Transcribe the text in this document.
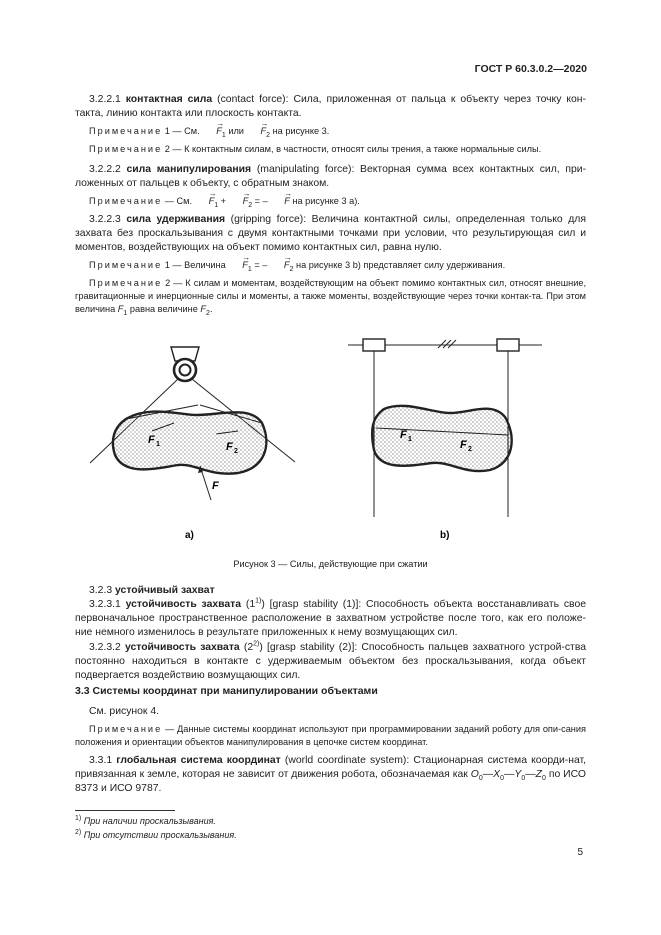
ГОСТ Р 60.3.0.2—2020
3.2.2.1 контактная сила (contact force): Сила, приложенная от пальца к объекту через точку кон-такта, линию контакта или плоскость контакта.
Примечание 1 — См. → $F_1$ или → $F_2$ на рисунке 3.
Примечание 2 — К контактным силам, в частности, относят силы трения, а также нормальные силы.
3.2.2.2 сила манипулирования (manipulating force): Векторная сумма всех контактных сил, при-ложенных от пальцев к объекту, с обратным знаком.
Примечание — См. → $F_1$ + → $F_2$ = – → F на рисунке 3 а).
3.2.2.3 сила удерживания (gripping force): Величина контактной силы, определенная только для захвата без проскальзывания с двумя контактными точками при условии, что результирующая сил и моментов, воздействующих на объект помимо контактных сил, равна нулю.
Примечание 1 — Величина → $F_1$ = – → $F_2$ на рисунке 3 b) представляет силу удерживания.
Примечание 2 — К силам и моментам, воздействующим на объект помимо контактных сил, относят внешние, гравитационные и инерционные силы и моменты, а также моменты, воздействующие через точки контак-та. При этом величина $F_1$ равна величине $F_2$.
F 1	F 2
F
а)
F 1	F 2
b)
Рисунок 3 — Силы, действующие при сжатии
3.2.3 устойчивый захват
3.2.3.1 устойчивость захвата (1$^{1)}$) [grasp stability (1)]: Способность объекта восстанавливать свое первоначальное пространственное расположение в захватном устройстве после того, как его положе-ние немного изменилось в результате приложенных к нему возмущающих сил.
3.2.3.2 устойчивость захвата (2$^{2)}$) [grasp stability (2)]: Способность пальцев захватного устрой-ства постоянно находиться в контакте с удерживаемым объектом без проскальзывания, когда объект подвергается воздействию возмущающих сил.
3.3 Системы координат при манипулировании объектами
См. рисунок 4.
Примечание — Данные системы координат используют при программировании заданий роботу для опи-сания положения и ориентации объектов манипулирования в цепочке систем координат.
3.3.1 глобальная система координат (world coordinate system): Стационарная система коорди-нат, привязанная к земле, которая не зависит от движения робота, обозначаемая как $O_0—X_0—Y_0—Z_0$ по ИСО 8373 и ИСО 9787.
$^{1)}$ При наличии проскальзывания.
$^{2)}$ При отсутствии проскальзывания.
5
